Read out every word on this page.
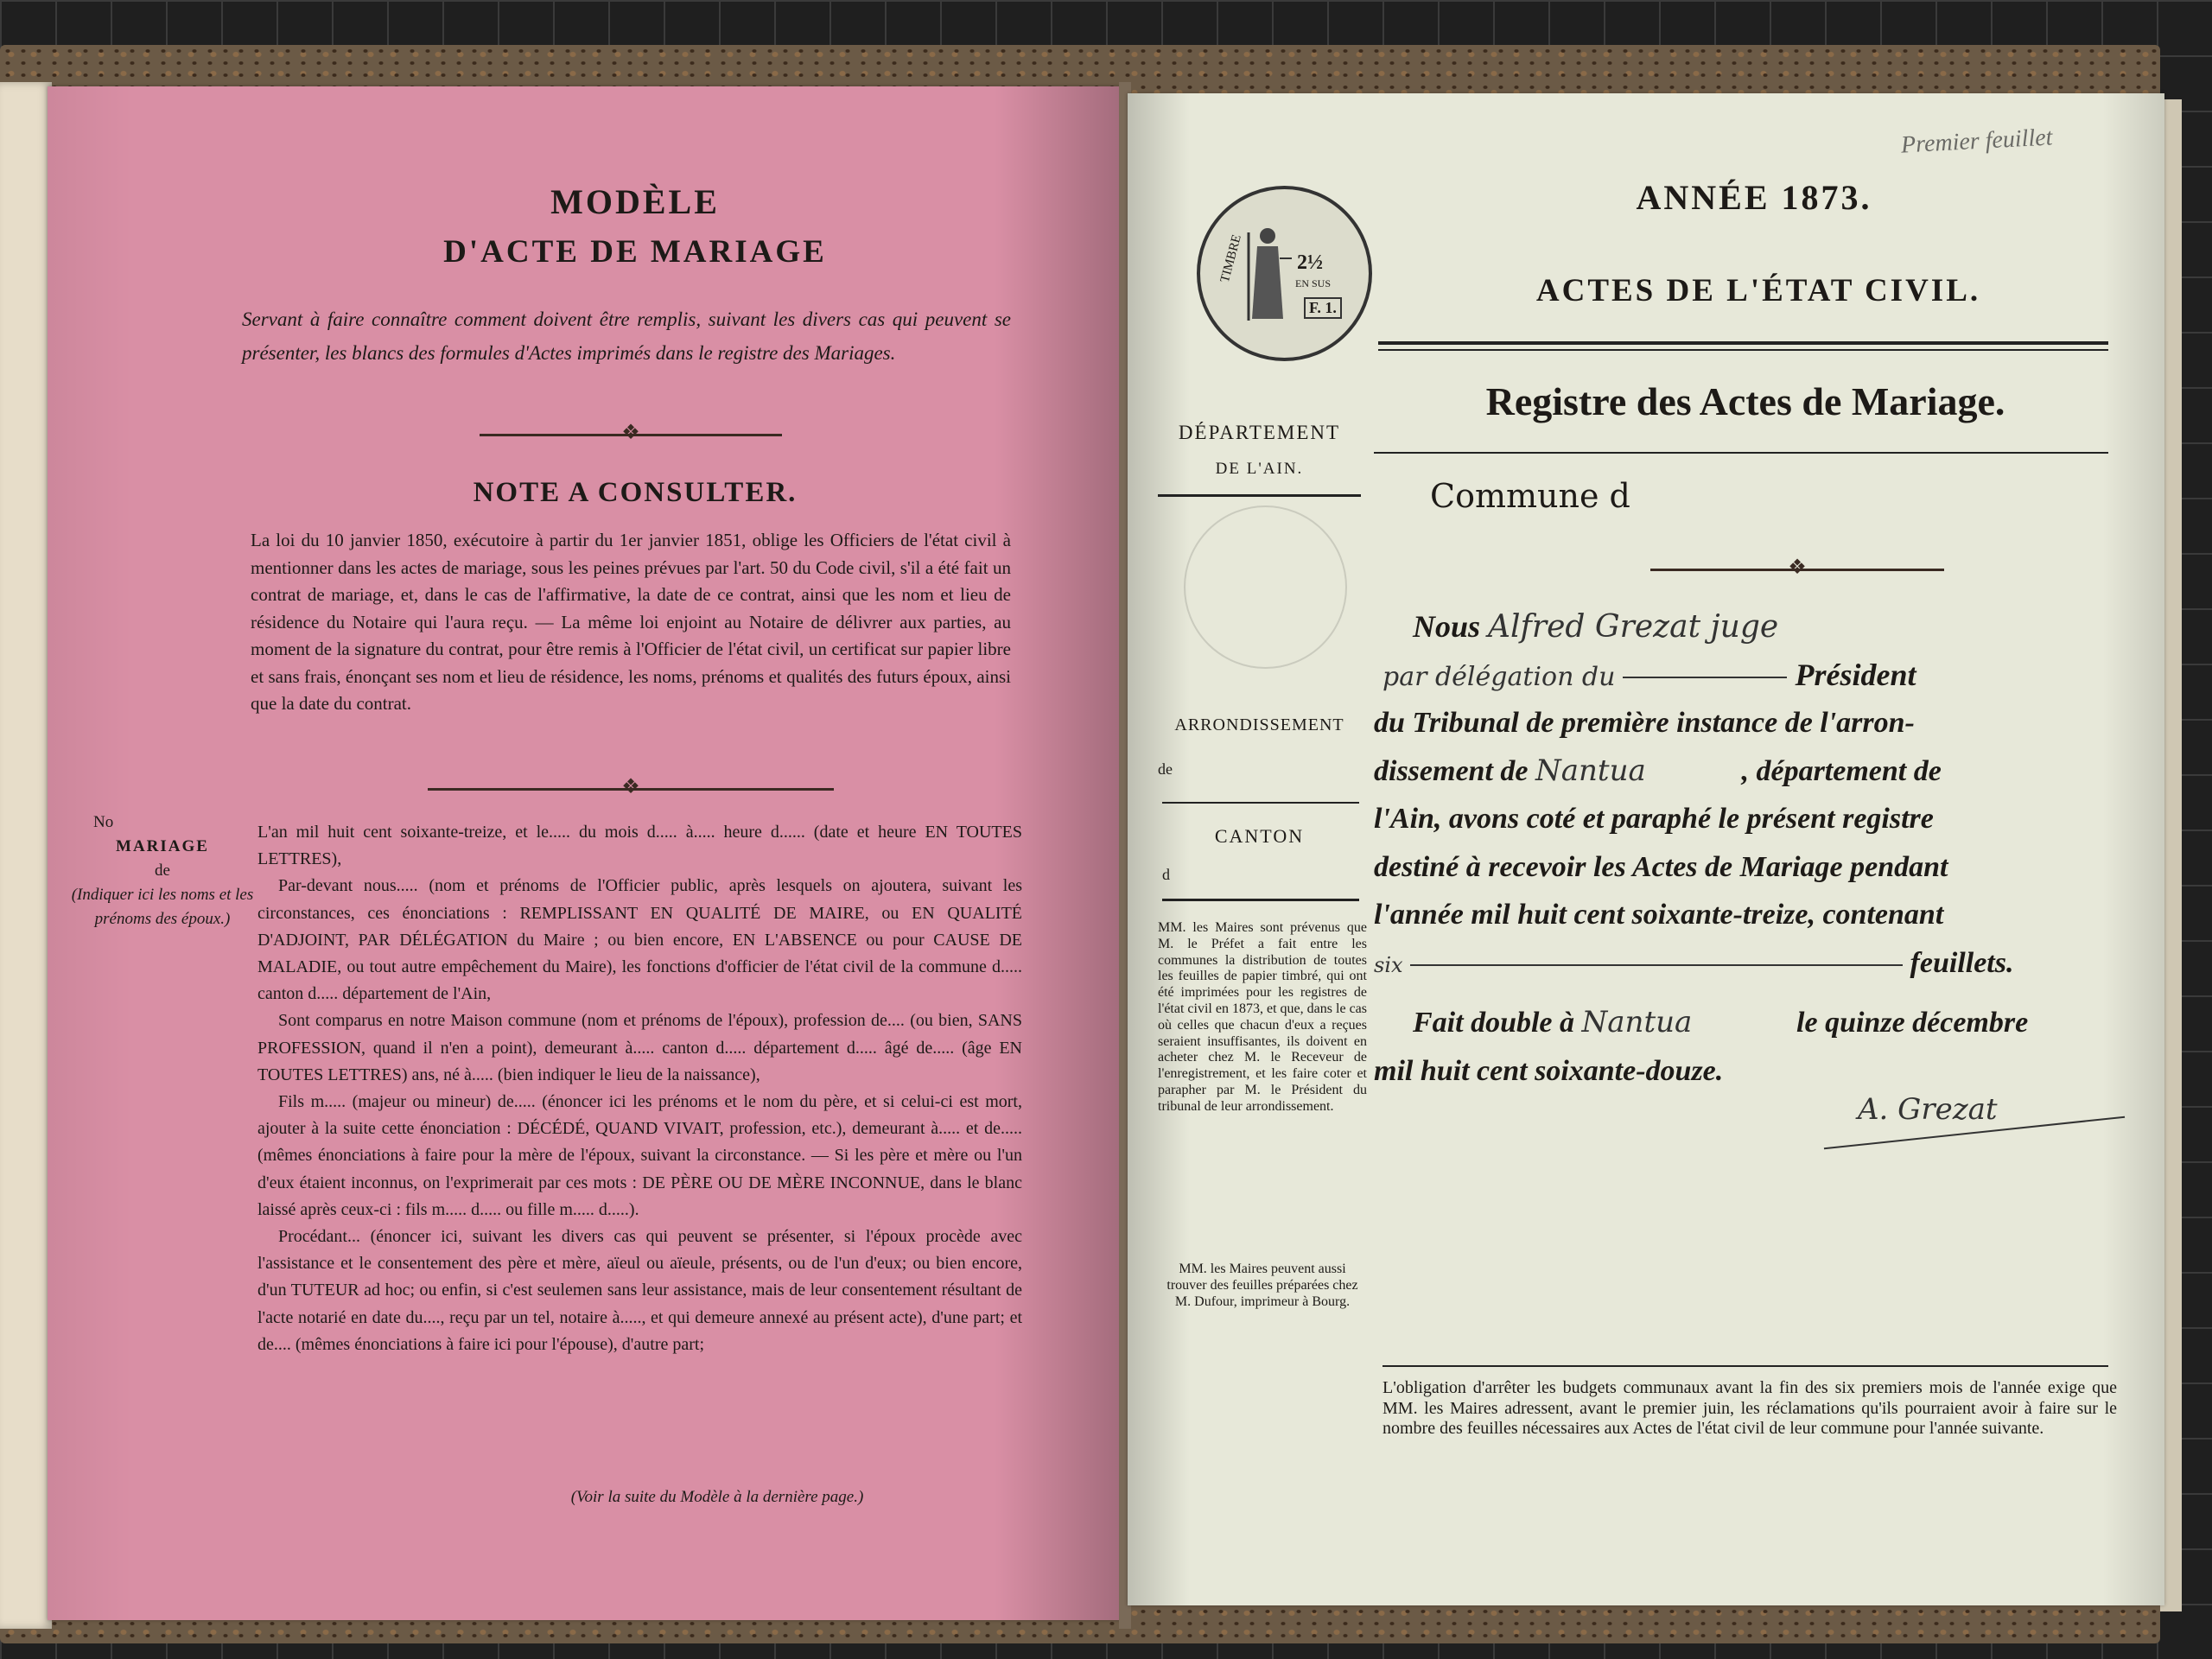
MODÈLE
D'ACTE DE MARIAGE
Servant à faire connaître comment doivent être remplis, suivant les divers cas qui peuvent se présenter, les blancs des formules d'Actes imprimés dans le registre des Mariages.
❖
NOTE A CONSULTER.
La loi du 10 janvier 1850, exécutoire à partir du 1er janvier 1851, oblige les Officiers de l'état civil à mentionner dans les actes de mariage, sous les peines prévues par l'art. 50 du Code civil, s'il a été fait un contrat de mariage, et, dans le cas de l'affirmative, la date de ce contrat, ainsi que les nom et lieu de résidence du Notaire qui l'aura reçu. — La même loi enjoint au Notaire de délivrer aux parties, au moment de la signature du contrat, pour être remis à l'Officier de l'état civil, un certificat sur papier libre et sans frais, énonçant ses nom et lieu de résidence, les noms, prénoms et qualités des futurs époux, ainsi que la date du contrat.
❖
No
MARIAGE
de
(Indiquer ici les noms et les prénoms des époux.)

L'an mil huit cent soixante-treize, et le..... du mois d..... à..... heure d...... (date et heure EN TOUTES LETTRES),

Par-devant nous..... (nom et prénoms de l'Officier public, après lesquels on ajoutera, suivant les circonstances, ces énonciations : REMPLISSANT EN QUALITÉ DE MAIRE, ou EN QUALITÉ D'ADJOINT, PAR DÉLÉGATION du Maire ; ou bien encore, EN L'ABSENCE ou pour CAUSE DE MALADIE, ou tout autre empêchement du Maire), les fonctions d'officier de l'état civil de la commune d..... canton d..... département de l'Ain,

Sont comparus en notre Maison commune (nom et prénoms de l'époux), profession de.... (ou bien, SANS PROFESSION, quand il n'en a point), demeurant à..... canton d..... département d..... âgé de..... (âge EN TOUTES LETTRES) ans, né à..... (bien indiquer le lieu de la naissance),

Fils m..... (majeur ou mineur) de..... (énoncer ici les prénoms et le nom du père, et si celui-ci est mort, ajouter à la suite cette énonciation : DÉCÉDÉ, QUAND VIVAIT, profession, etc.), demeurant à..... et de..... (mêmes énonciations à faire pour la mère de l'époux, suivant la circonstance. — Si les père et mère ou l'un d'eux étaient inconnus, on l'exprimerait par ces mots : DE PÈRE OU DE MÈRE INCONNUE, dans le blanc laissé après ceux-ci : fils m..... d..... ou fille m..... d.....).

Procédant... (énoncer ici, suivant les divers cas qui peuvent se présenter, si l'époux procède avec l'assistance et le consentement des père et mère, aïeul ou aïeule, présents, ou de l'un d'eux; ou bien encore, d'un TUTEUR ad hoc; ou enfin, si c'est seulemen sans leur assistance, mais de leur consentement résultant de l'acte notarié en date du...., reçu par un tel, notaire à....., et qui demeure annexé au présent acte), d'une part; et de.... (mêmes énonciations à faire ici pour l'épouse), d'autre part;

(Voir la suite du Modèle à la dernière page.)
Premier feuillet
TIMBRE	2½
EN SUS
F. 1.
ANNÉE 1873.
ACTES DE L'ÉTAT CIVIL.
Registre des Actes de Mariage.
DÉPARTEMENT
DE L'AIN.
ARRONDISSEMENT
de
CANTON
d
MM. les Maires sont prévenus que M. le Préfet a fait entre les communes la distribution de toutes les feuilles de papier timbré, qui ont été imprimées pour les registres de l'état civil en 1873, et que, dans le cas où celles que chacun d'eux a reçues seraient insuffisantes, ils doivent en acheter chez M. le Receveur de l'enregistrement, et les faire coter et parapher par M. le Président du tribunal de leur arrondissement.
MM. les Maires peuvent aussi trouver des feuilles préparées chez M. Dufour, imprimeur à Bourg.
Commune d
❖
Nous Alfred Grezat juge
par délégation du	Président
du Tribunal de première instance de l'arron-
dissement de Nantua	, département de
l'Ain, avons coté et paraphé le présent registre
destiné à recevoir les Actes de Mariage pendant
l'année mil huit cent soixante-treize, contenant
six	feuillets.
Fait double à Nantua	le quinze décembre
mil huit cent soixante-douze.
A. Grezat
L'obligation d'arrêter les budgets communaux avant la fin des six premiers mois de l'année exige que MM. les Maires adressent, avant le premier juin, les réclamations qu'ils pourraient avoir à faire sur le nombre des feuilles nécessaires aux Actes de l'état civil de leur commune pour l'année suivante.
